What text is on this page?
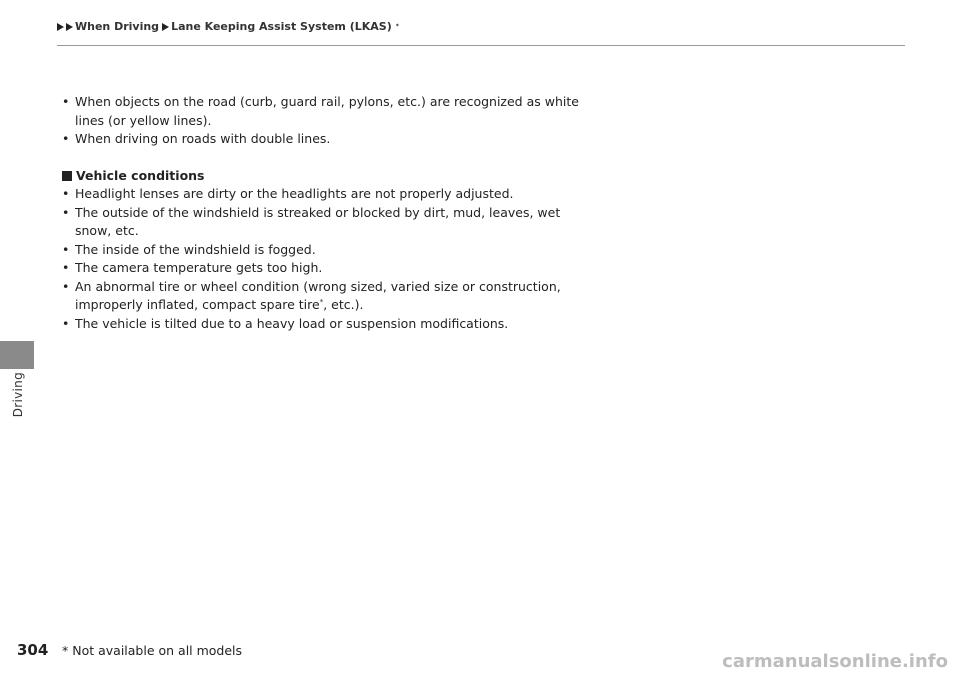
When Driving Lane Keeping Assist System (LKAS) *
Driving
• When objects on the road (curb, guard rail, pylons, etc.) are recognized as white lines (or yellow lines).
• When driving on roads with double lines.
Vehicle conditions
• Headlight lenses are dirty or the headlights are not properly adjusted.
• The outside of the windshield is streaked or blocked by dirt, mud, leaves, wet snow, etc.
• The inside of the windshield is fogged.
• The camera temperature gets too high.
• An abnormal tire or wheel condition (wrong sized, varied size or construction, improperly inflated, compact spare tire*, etc.).
• The vehicle is tilted due to a heavy load or suspension modifications.
304 * Not available on all models
carmanualsonline.info
